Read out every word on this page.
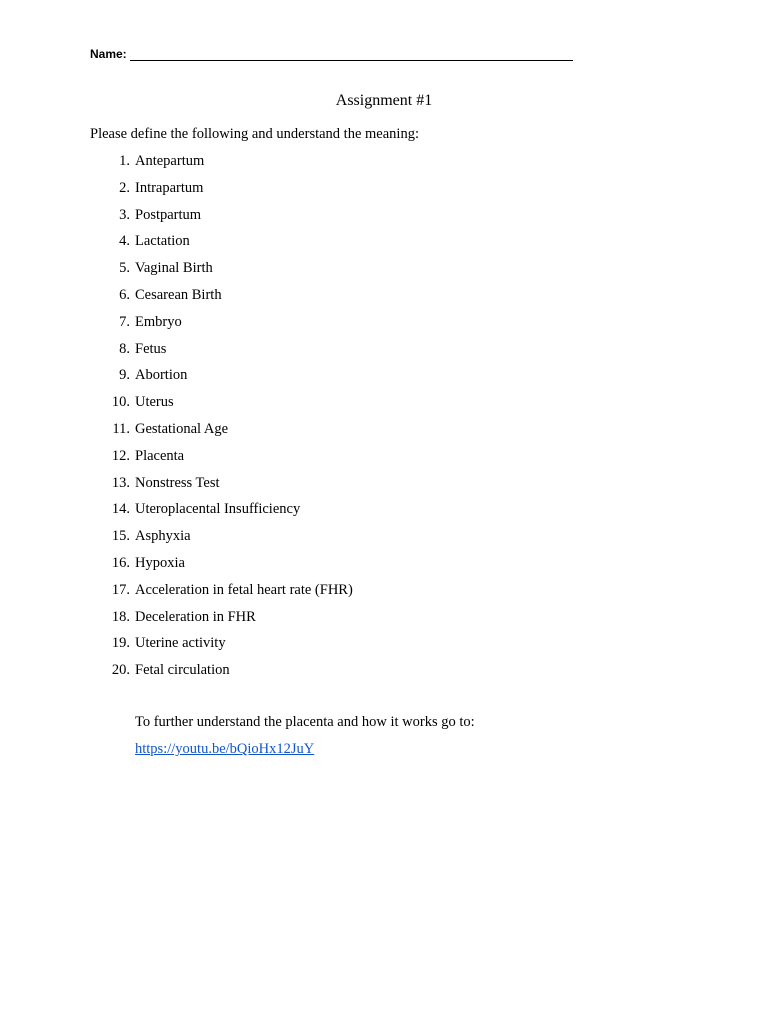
Name:
Assignment #1
Please define the following and understand the meaning:
1. Antepartum
2. Intrapartum
3. Postpartum
4. Lactation
5. Vaginal Birth
6. Cesarean Birth
7. Embryo
8. Fetus
9. Abortion
10. Uterus
11. Gestational Age
12. Placenta
13. Nonstress Test
14. Uteroplacental Insufficiency
15. Asphyxia
16. Hypoxia
17. Acceleration in fetal heart rate (FHR)
18. Deceleration in FHR
19. Uterine activity
20. Fetal circulation
To further understand the placenta and how it works go to:
https://youtu.be/bQioHx12JuY
